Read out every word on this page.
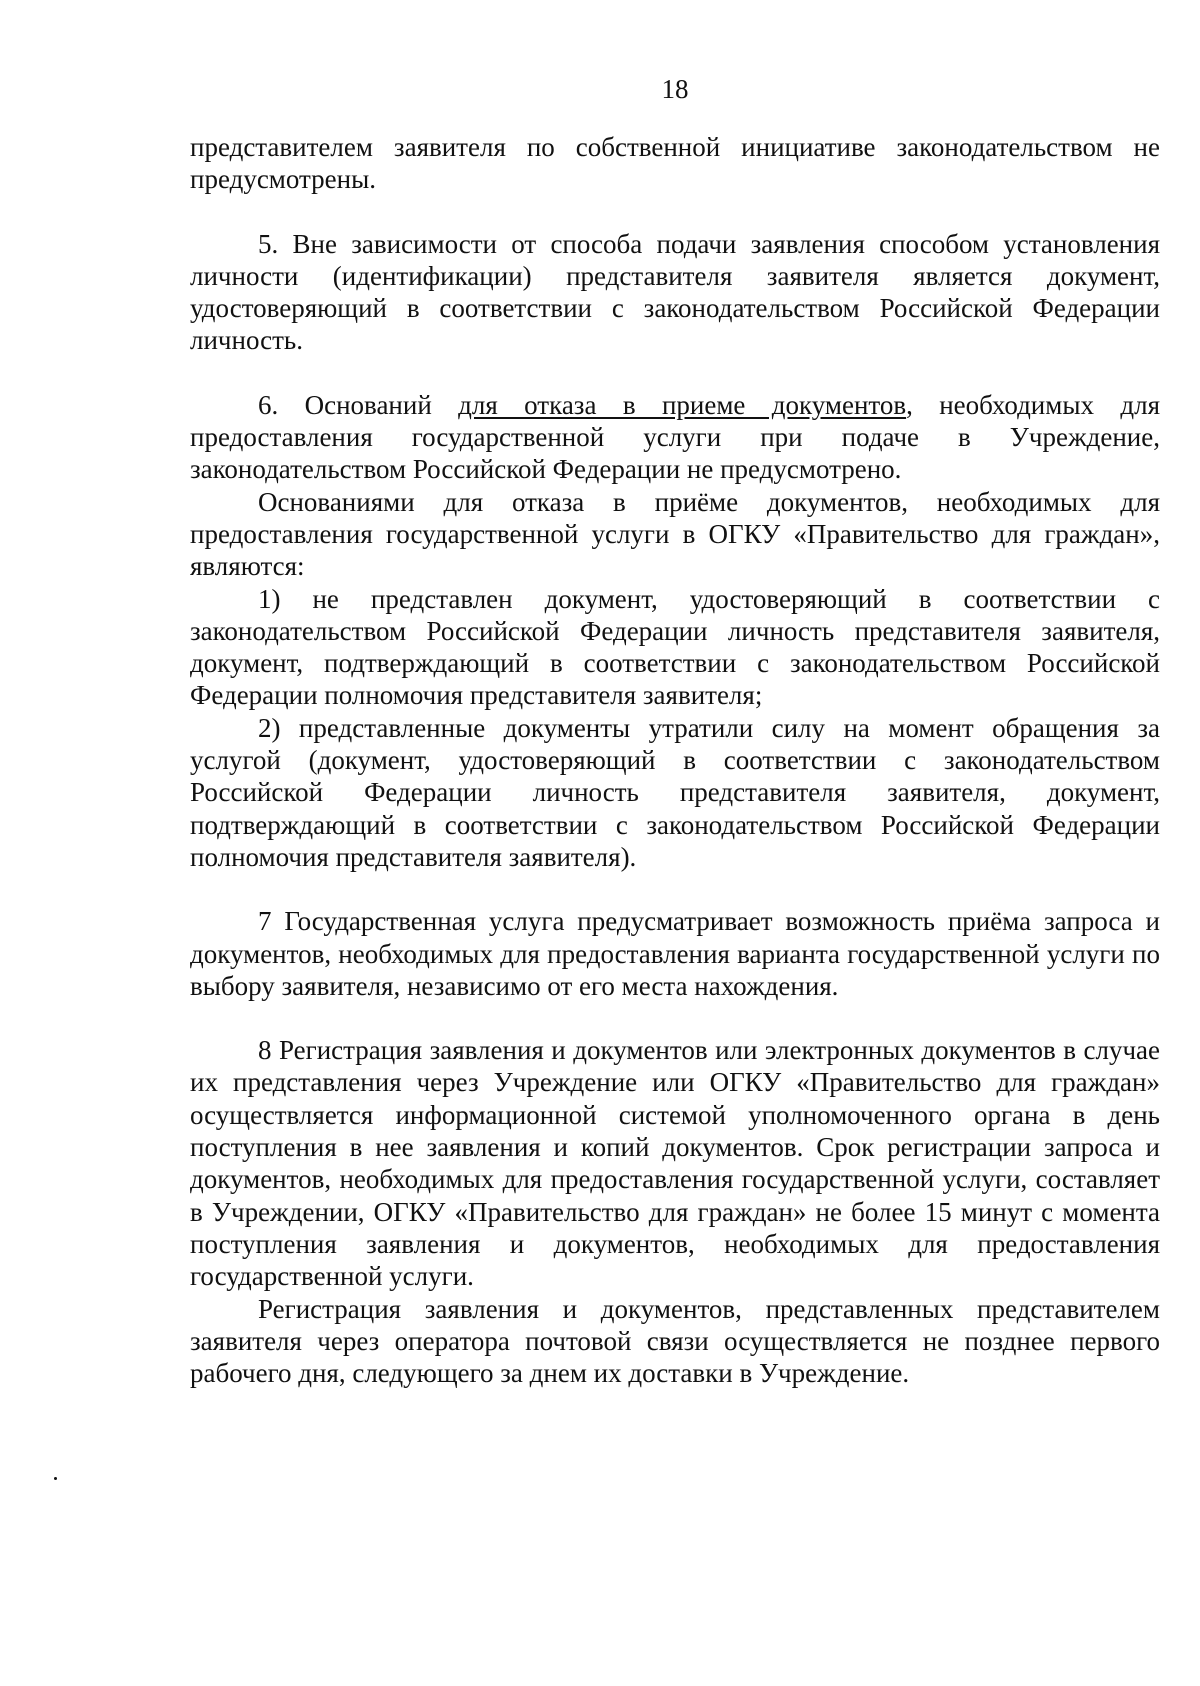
18

представителем заявителя по собственной инициативе законодательством не предусмотрены.

5. Вне зависимости от способа подачи заявления способом установления личности (идентификации) представителя заявителя является документ, удостоверяющий в соответствии с законодательством Российской Федерации личность.

6. Оснований для отказа в приеме документов, необходимых для предоставления государственной услуги при подаче в Учреждение, законодательством Российской Федерации не предусмотрено.

Основаниями для отказа в приёме документов, необходимых для предоставления государственной услуги в ОГКУ «Правительство для граждан», являются:

1) не представлен документ, удостоверяющий в соответствии с законодательством Российской Федерации личность представителя заявителя, документ, подтверждающий в соответствии с законодательством Российской Федерации полномочия представителя заявителя;

2) представленные документы утратили силу на момент обращения за услугой (документ, удостоверяющий в соответствии с законодательством Российской Федерации личность представителя заявителя, документ, подтверждающий в соответствии с законодательством Российской Федерации полномочия представителя заявителя).

7 Государственная услуга предусматривает возможность приёма запроса и документов, необходимых для предоставления варианта государственной услуги по выбору заявителя, независимо от его места нахождения.

8 Регистрация заявления и документов или электронных документов в случае их представления через Учреждение или ОГКУ «Правительство для граждан» осуществляется информационной системой уполномоченного органа в день поступления в нее заявления и копий документов. Срок регистрации запроса и документов, необходимых для предоставления государственной услуги, составляет в Учреждении, ОГКУ «Правительство для граждан» не более 15 минут с момента поступления заявления и документов, необходимых для предоставления государственной услуги.

Регистрация заявления и документов, представленных представителем заявителя через оператора почтовой связи осуществляется не позднее первого рабочего дня, следующего за днем их доставки в Учреждение.
